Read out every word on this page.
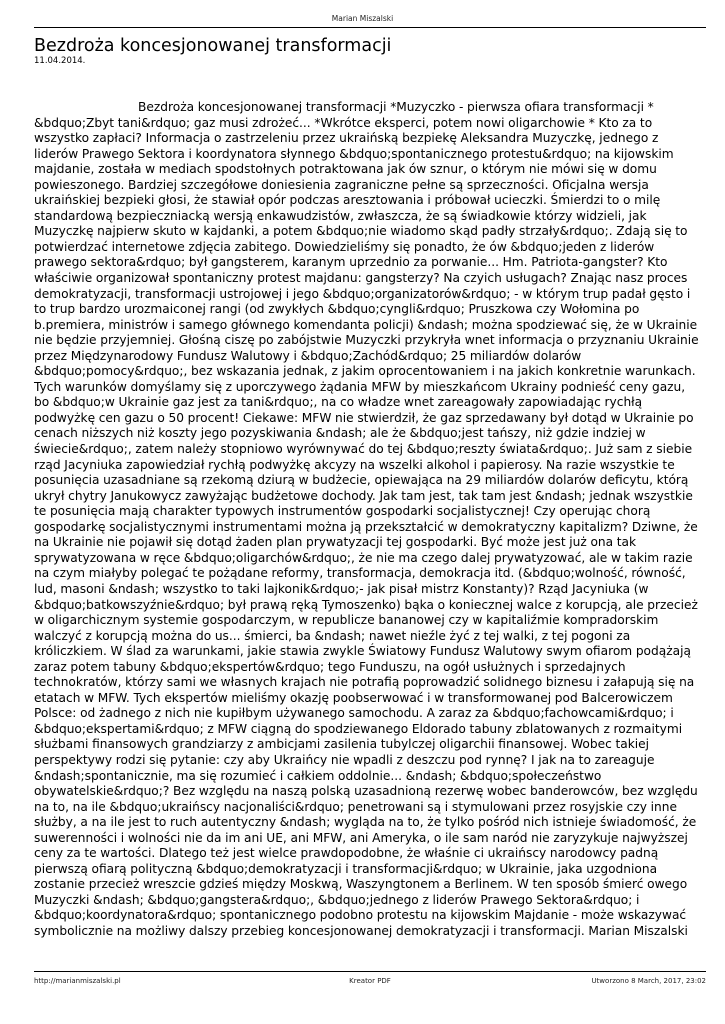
Marian Miszalski
Bezdroża koncesjonowanej transformacji
11.04.2014.
Bezdroża koncesjonowanej transformacji *Muzyczko - pierwsza ofiara transformacji * &bdquo;Zbyt tani&rdquo; gaz musi zdrożeć... *Wkrótce eksperci, potem nowi oligarchowie * Kto za to wszystko zapłaci? Informacja o zastrzeleniu przez ukraińską bezpiekę Aleksandra Muzyczkę, jednego z liderów Prawego Sektora i koordynatora słynnego &bdquo;spontanicznego protestu&rdquo; na kijowskim majdanie, została w mediach spodstołnych potraktowana jak ów sznur, o którym nie mówi się w domu powieszonego. Bardziej szczegółowe doniesienia zagraniczne pełne są sprzeczności. Oficjalna wersja ukraińskiej bezpieki głosi, że stawiał opór podczas aresztowania i próbował ucieczki. Śmierdzi to o milę standardową bezpieczniacką wersją enkawudzistów, zwłaszcza, że są świadkowie którzy widzieli, jak Muzyczkę najpierw skuto w kajdanki, a potem &bdquo;nie wiadomo skąd padły strzały&rdquo;. Zdają się to potwierdzać internetowe zdjęcia zabitego. Dowiedzieliśmy się ponadto, że ów &bdquo;jeden z liderów prawego sektora&rdquo; był gangsterem, karanym uprzednio za porwanie... Hm. Patriota-gangster? Kto właściwie organizował spontaniczny protest majdanu: gangsterzy? Na czyich usługach? Znając nasz proces demokratyzacji, transformacji ustrojowej i jego &bdquo;organizatorów&rdquo; - w którym trup padał gęsto i to trup bardzo urozmaiconej rangi (od zwykłych &bdquo;cyngli&rdquo; Pruszkowa czy Wołomina po b.premiera, ministrów i samego głównego komendanta policji) &ndash; można spodziewać się, że w Ukrainie nie będzie przyjemniej. Głośną ciszę po zabójstwie Muzyczki przykryła wnet informacja o przyznaniu Ukrainie przez Międzynarodowy Fundusz Walutowy i &bdquo;Zachód&rdquo; 25 miliardów dolarów &bdquo;pomocy&rdquo;, bez wskazania jednak, z jakim oprocentowaniem i na jakich konkretnie warunkach. Tych warunków domyślamy się z uporczywego żądania MFW by mieszkańcom Ukrainy podnieść ceny gazu, bo &bdquo;w Ukrainie gaz jest za tani&rdquo;, na co władze wnet zareagowały zapowiadając rychłą podwyżkę cen gazu o 50 procent! Ciekawe: MFW nie stwierdził, że gaz sprzedawany był dotąd w Ukrainie po cenach niższych niż koszty jego pozyskiwania &ndash; ale że &bdquo;jest tańszy, niż gdzie indziej w świecie&rdquo;, zatem należy stopniowo wyrównywać do tej &bdquo;reszty świata&rdquo;. Już sam z siebie rząd Jacyniuka zapowiedział rychłą podwyżkę akcyzy na wszelki alkohol i papierosy. Na razie wszystkie te posunięcia uzasadniane są rzekomą dziurą w budżecie, opiewająca na 29 miliardów dolarów deficytu, którą ukrył chytry Janukowycz zawyżając budżetowe dochody. Jak tam jest, tak tam jest &ndash; jednak wszystkie te posunięcia mają charakter typowych instrumentów gospodarki socjalistycznej! Czy operując chorą gospodarkę socjalistycznymi instrumentami można ją przekształcić w demokratyczny kapitalizm? Dziwne, że na Ukrainie nie pojawił się dotąd żaden plan prywatyzacji tej gospodarki. Być może jest już ona tak sprywatyzowana w ręce &bdquo;oligarchów&rdquo;, że nie ma czego dalej prywatyzować, ale w takim razie na czym miałyby polegać te pożądane reformy, transformacja, demokracja itd. (&bdquo;wolność, równość, lud, masoni &ndash; wszystko to taki lajkonik&rdquo;- jak pisał mistrz Konstanty)? Rząd Jacyniuka (w &bdquo;batkowszyźnie&rdquo; był prawą ręką Tymoszenko) bąka o koniecznej walce z korupcją, ale przecież w oligarchicznym systemie gospodarczym, w republicze bananowej czy w kapitaliźmie kompradorskim walczyć z korupcją można do us... śmierci, ba &ndash; nawet nieźle żyć z tej walki, z tej pogoni za króliczkiem. W ślad za warunkami, jakie stawia zwykle Światowy Fundusz Walutowy swym ofiarom podążają zaraz potem tabuny &bdquo;ekspertów&rdquo; tego Funduszu, na ogół usłużnych i sprzedajnych technokratów, którzy sami we własnych krajach nie potrafią poprowadzić solidnego biznesu i załapują się na etatach w MFW. Tych ekspertów mieliśmy okazję poobserwować i w transformowanej pod Balcerowiczem Polsce: od żadnego z nich nie kupiłbym używanego samochodu. A zaraz za &bdquo;fachowcami&rdquo; i &bdquo;ekspertami&rdquo; z MFW ciągną do spodziewanego Eldorado tabuny zblatowanych z rozmaitymi służbami finansowych grandziarzy z ambicjami zasilenia tubylczej oligarchii finansowej. Wobec takiej perspektywy rodzi się pytanie: czy aby Ukraińcy nie wpadli z deszczu pod rynnę? I jak na to zareaguje &ndash;spontanicznie, ma się rozumieć i całkiem oddolnie... &ndash; &bdquo;społeczeństwo obywatelskie&rdquo;? Bez względu na naszą polską uzasadnioną rezerwę wobec banderowców, bez względu na to, na ile &bdquo;ukraińscy nacjonaliści&rdquo; penetrowani są i stymulowani przez rosyjskie czy inne służby, a na ile jest to ruch autentyczny &ndash; wygląda na to, że tylko pośród nich istnieje świadomość, że suwerenności i wolności nie da im ani UE, ani MFW, ani Ameryka, o ile sam naród nie zaryzykuje najwyższej ceny za te wartości. Dlatego też jest wielce prawdopodobne, że właśnie ci ukraińscy narodowcy padną pierwszą ofiarą polityczną &bdquo;demokratyzacji i transformacji&rdquo; w Ukrainie, jaka uzgodniona zostanie przecież wreszcie gdzieś między Moskwą, Waszyngtonem a Berlinem. W ten sposób śmierć owego Muzyczki &ndash; &bdquo;gangstera&rdquo;, &bdquo;jednego z liderów Prawego Sektora&rdquo; i &bdquo;koordynatora&rdquo; spontanicznego podobno protestu na kijowskim Majdanie - może wskazywać symbolicznie na możliwy dalszy przebieg koncesjonowanej demokratyzacji i transformacji. Marian Miszalski
http://marianmiszalski.pl	Kreator PDF	Utworzono 8 March, 2017, 23:02
